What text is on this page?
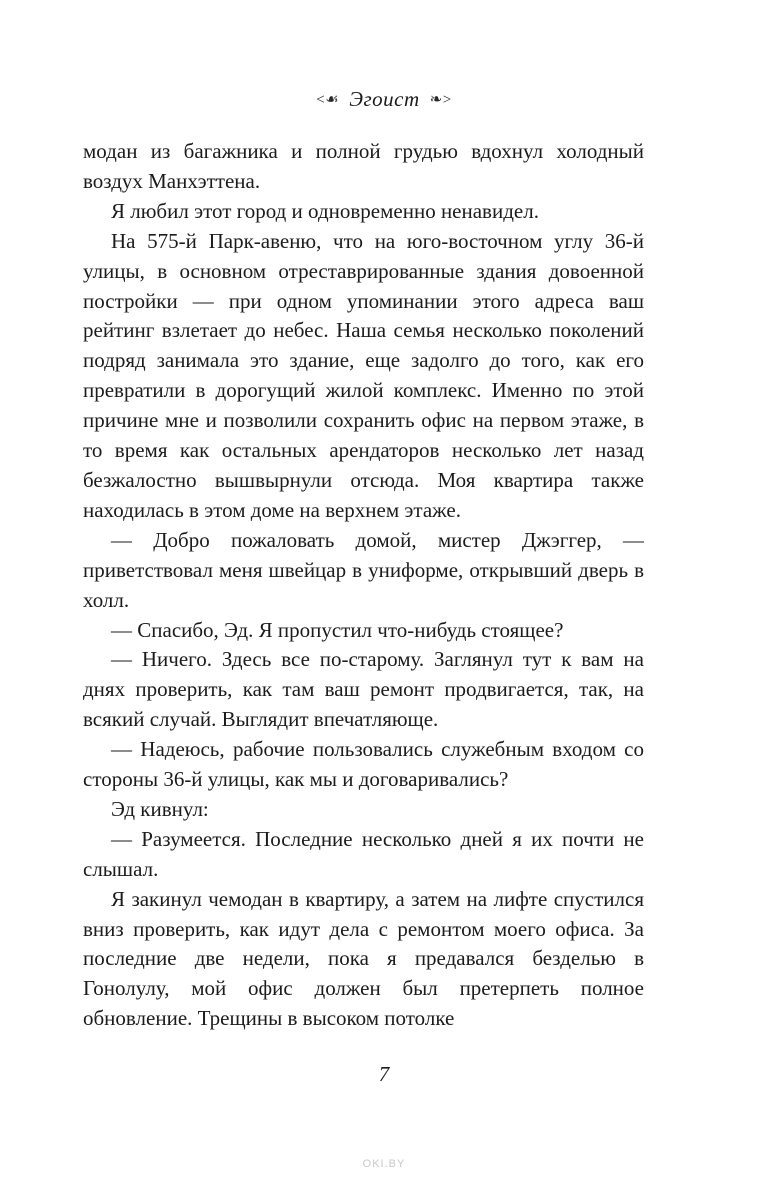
<☙ Эгоист ❧>

модан из багажника и полной грудью вдохнул холодный воздух Манхэттена.

Я любил этот город и одновременно ненавидел.

На 575-й Парк-авеню, что на юго-восточном углу 36-й улицы, в основном отреставрированные здания довоенной постройки — при одном упоминании этого адреса ваш рейтинг взлетает до небес. Наша семья несколько поколений подряд занимала это здание, еще задолго до того, как его превратили в дорогущий жилой комплекс. Именно по этой причине мне и позволили сохранить офис на первом этаже, в то время как остальных арендаторов несколько лет назад безжалостно вышвырнули отсюда. Моя квартира также находилась в этом доме на верхнем этаже.

— Добро пожаловать домой, мистер Джэггер, — приветствовал меня швейцар в униформе, открывший дверь в холл.

— Спасибо, Эд. Я пропустил что-нибудь стоящее?

— Ничего. Здесь все по-старому. Заглянул тут к вам на днях проверить, как там ваш ремонт продвигается, так, на всякий случай. Выглядит впечатляюще.

— Надеюсь, рабочие пользовались служебным входом со стороны 36-й улицы, как мы и договаривались?

Эд кивнул:

— Разумеется. Последние несколько дней я их почти не слышал.

Я закинул чемодан в квартиру, а затем на лифте спустился вниз проверить, как идут дела с ремонтом моего офиса. За последние две недели, пока я предавался безделью в Гонолулу, мой офис должен был претерпеть полное обновление. Трещины в высоком потолке

7
OKI.BY
